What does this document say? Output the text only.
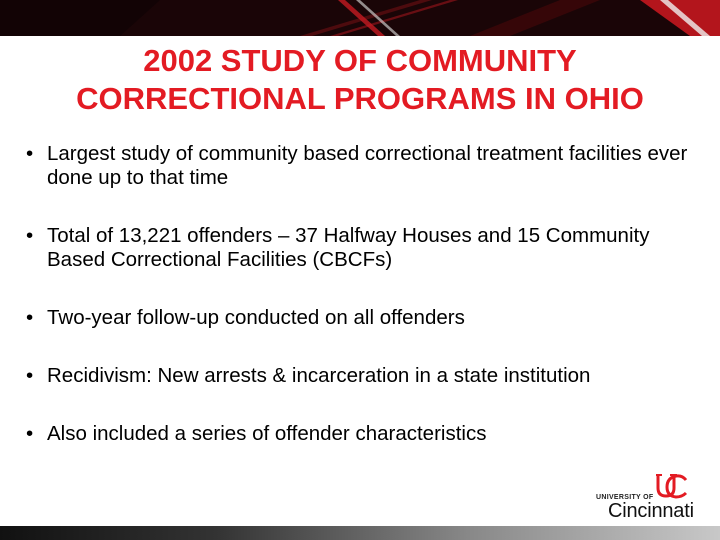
2002 STUDY OF COMMUNITY
CORRECTIONAL PROGRAMS IN OHIO
• Largest study of community based correctional treatment facilities ever done up to that time
• Total of 13,221 offenders – 37 Halfway Houses and 15 Community Based Correctional Facilities (CBCFs)
• Two-year follow-up conducted on all offenders
• Recidivism: New arrests & incarceration in a state institution
• Also included a series of offender characteristics
UNIVERSITY OF
Cincinnati
